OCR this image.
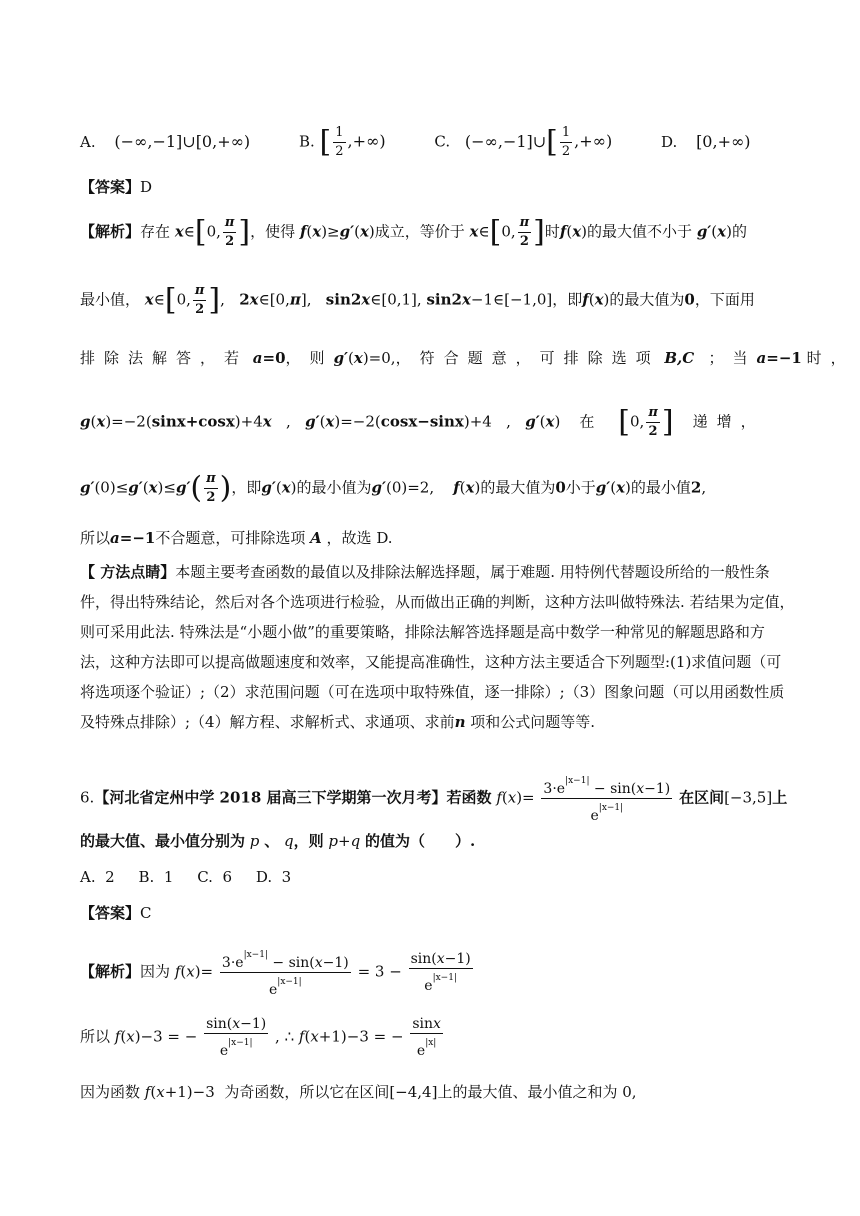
A. (−∞,−1]∪[0,+∞)	B. [ $\frac{1}{2}$ ,+∞)	C. (−∞,−1]∪[ $\frac{1}{2}$ ,+∞)	D. [0,+∞)
【答案】D
【解析】存在 x∈[0, $\frac{\pi}{2}$ ]，使得 f(x)≥g′(x)成立，等价于 x∈[0, $\frac{\pi}{2}$ ]时f(x)的最大值不小于 g′(x)的
最小值， x∈[0, $\frac{\pi}{2}$ ],   2x∈[0,π],   sin2x∈[0,1], sin2x−1∈[−1,0]，即f(x)的最大值为0，下面用
排除法解答，若 a=0，则g′(x)=0,，符合题意，可排除选项 B,C ；当a=−1 时，
g(x)=−2(sinx+cosx)+4x   ,   g′(x)=−2(cosx−sinx)+4   ,   g′(x) 在 [0, $\frac{\pi}{2}$ ] 递增，
$g'(0)\le g'(x)\le g'( \frac{\pi}{2}$ )，即g′(x)的最小值为g′(0)=2,    f(x)的最大值为0小于g′(x)的最小值2,
所以a=−1不合题意，可排除选项 A ，故选 D.
【 方法点睛】本题主要考查函数的最值以及排除法解选择题，属于难题. 用特例代替题设所给的一般性条
件，得出特殊结论，然后对各个选项进行检验，从而做出正确的判断，这种方法叫做特殊法. 若结果为定值，
则可采用此法. 特殊法是“小题小做”的重要策略，排除法解答选择题是高中数学一种常见的解题思路和方
法，这种方法即可以提高做题速度和效率，又能提高准确性，这种方法主要适合下列题型:(1)求值问题（可
将选项逐个验证）;（2）求范围问题（可在选项中取特殊值，逐一排除）;（3）图象问题（可以用函数性质
及特殊点排除）;（4）解方程、求解析式、求通项、求前n 项和公式问题等等.
6.【河北省定州中学 2018 届高三下学期第一次月考】若函数 $f(x)= \frac{3\cdot e^{|x-1|} - \sin(x-1)}{e^{|x-1|}}$ 在区间[−3,5]上
的最大值、最小值分别为 p 、 q，则 p+q 的值为（　　）.
A.  2     B.  1     C.  6     D.  3
【答案】C
【解析】因为 $f(x)= \frac{3\cdot e^{|x-1|} - \sin(x-1)}{e^{|x-1|}} = 3 - \frac{\sin(x-1)}{e^{|x-1|}}$
所以 f(x)−3 = − $\frac{\sin(x-1)}{e^{|x-1|}}$ , ∴ f(x+1)−3 = − $\frac{\sin x}{e^{|x|}}$
因为函数 f(x+1)−3 为奇函数，所以它在区间[−4,4]上的最大值、最小值之和为 0,
